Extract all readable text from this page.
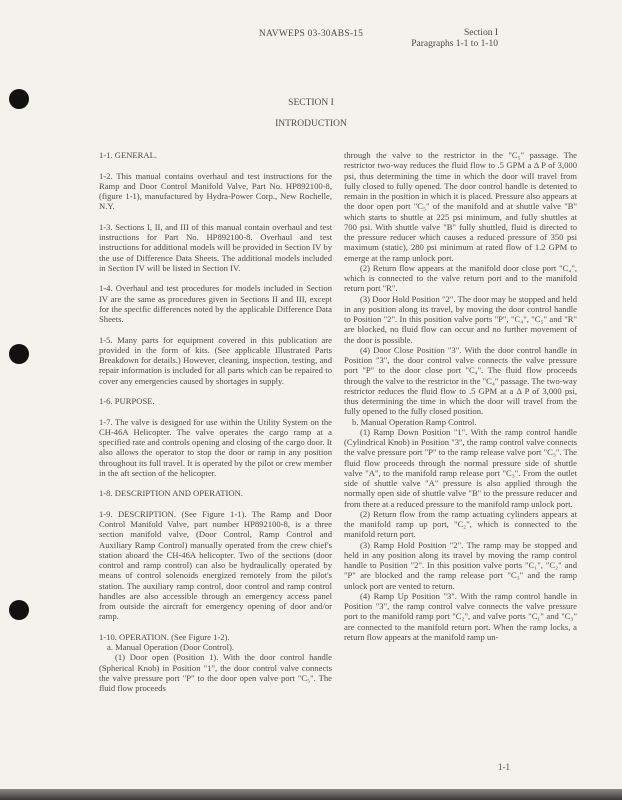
NAVWEPS 03-30ABS-15	Section I
Paragraphs 1-1 to 1-10
SECTION I
INTRODUCTION

1-1. GENERAL.

1-2. This manual contains overhaul and test instructions for the Ramp and Door Control Manifold Valve, Part No. HP892100-8, (figure 1-1), manufactured by Hydra-Power Corp., New Rochelle, N.Y.

1-3. Sections I, II, and III of this manual contain overhaul and test instructions for Part No. HP892100-8. Overhaul and test instructions for additional models will be provided in Section IV by the use of Difference Data Sheets. The additional models included in Section IV will be listed in Section IV.

1-4. Overhaul and test procedures for models included in Section IV are the same as procedures given in Sections II and III, except for the specific differences noted by the applicable Difference Data Sheets.

1-5. Many parts for equipment covered in this publication are provided in the form of kits. (See applicable Illustrated Parts Breakdown for details.) However, cleaning, inspection, testing, and repair information is included for all parts which can be repaired to cover any emergencies caused by shortages in supply.

1-6. PURPOSE.

1-7. The valve is designed for use within the Utility System on the CH-46A Helicopter. The valve operates the cargo ramp at a specified rate and controls opening and closing of the cargo door. It also allows the operator to stop the door or ramp in any position throughout its full travel. It is operated by the pilot or crew member in the aft section of the helicopter.

1-8. DESCRIPTION AND OPERATION.

1-9. DESCRIPTION. (See Figure 1-1). The Ramp and Door Control Manifold Valve, part number HP892100-8, is a three section manifold valve, (Door Control, Ramp Control and Auxiliary Ramp Control) manually operated from the crew chief's station aboard the CH-46A helicopter. Two of the sections (door control and ramp control) can also be hydraulically operated by means of control solenoids energized remotely from the pilot's station. The auxiliary ramp control, door control and ramp control handles are also accessible through an emergency access panel from outside the aircraft for emergency opening of door and/or ramp.

1-10. OPERATION. (See Figure 1-2).

a. Manual Operation (Door Control).

(1) Door open (Position 1). With the door control handle (Spherical Knob) in Position "1", the door control valve connects the valve pressure port "P" to the door open valve port "C₅". The fluid flow proceeds

through the valve to the restrictor in the "C₅" passage. The restrictor two-way reduces the fluid flow to .5 GPM a Δ P of 3,000 psi, thus determining the time in which the door will travel from fully closed to fully opened. The door control handle is detented to remain in the position in which it is placed. Pressure also appears at the door open port "C₅" of the manifold and at shuttle valve "B" which starts to shuttle at 225 psi minimum, and fully shuttles at 700 psi. With shuttle valve "B" fully shuttled, fluid is directed to the pressure reducer which causes a reduced pressure of 350 psi maximum (static), 280 psi minimum at rated flow of 1.2 GPM to emerge at the ramp unlock port.

(2) Return flow appears at the manifold door close port "C₄", which is connected to the valve return port and to the manifold return port "R".

(3) Door Hold Position "2". The door may be stopped and held in any position along its travel, by moving the door control handle to Position "2". In this position valve ports "P", "C₄", "C₅" and "R" are blocked, no fluid flow can occur and no further movement of the door is possible.

(4) Door Close Position "3". With the door control handle in Position "3", the door control valve connects the valve pressure port "P" to the door close port "C₄". The fluid flow proceeds through the valve to the restrictor in the "C₄" passage. The two-way restrictor reduces the fluid flow to .5 GPM at a Δ P of 3,000 psi, thus determining the time in which the door will travel from the fully opened to the fully closed position.

b. Manual Operation Ramp Control.

(1) Ramp Down Position "1". With the ramp control handle (Cylindrical Knob) in Position "3", the ramp control valve connects the valve pressure port "P" to the ramp release valve port "C₃". The fluid flow proceeds through the normal pressure side of shuttle valve "A", to the manifold ramp release port "C₃". From the outlet side of shuttle valve "A" pressure is also applied through the normally open side of shuttle valve "B" to the pressure reducer and from there at a reduced pressure to the manifold ramp unlock port.

(2) Return flow from the ramp actuating cylinders appears at the manifold ramp up port, "C₂", which is connected to the manifold return port.

(3) Ramp Hold Position "2". The ramp may be stopped and held in any position along its travel by moving the ramp control handle to Position "2". In this position valve ports "C₁", "C₂" and "P" are blocked and the ramp release port "C₃" and the ramp unlock port are vented to return.

(4) Ramp Up Position "3". With the ramp control handle in Position "3", the ramp control valve connects the valve pressure port to the manifold ramp port "C₂", and valve ports "C₁" and "C₃" are connected to the manifold return port. When the ramp locks, a return flow appears at the manifold ramp un-

1-1
